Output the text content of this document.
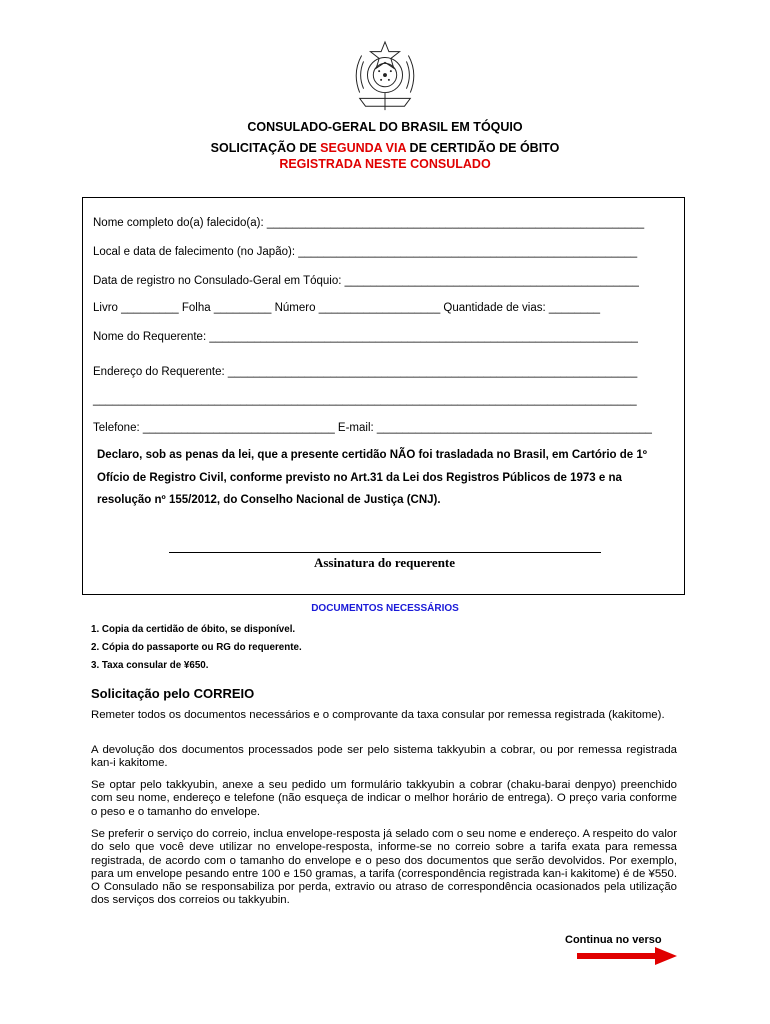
CONSULADO-GERAL DO BRASIL EM TÓQUIO
SOLICITAÇÃO DE SEGUNDA VIA DE CERTIDÃO DE ÓBITO
REGISTRADA NESTE CONSULADO
Nome completo do(a) falecido(a): ___________________________________________________________
Local e data de falecimento (no Japão): _____________________________________________________
Data de registro no Consulado-Geral em Tóquio: ______________________________________________
Livro _________ Folha _________ Número ___________________ Quantidade de vias: ________
Nome do Requerente: ___________________________________________________________________
Endereço do Requerente: ________________________________________________________________
_____________________________________________________________________________________
Telefone: ______________________________ E-mail: ___________________________________________
Declaro, sob as penas da lei, que a presente certidão NÃO foi trasladada no Brasil, em Cartório de 1º Ofício de Registro Civil, conforme previsto no Art.31 da Lei dos Registros Públicos de 1973 e na resolução nº 155/2012, do Conselho Nacional de Justiça (CNJ).
Assinatura do requerente
DOCUMENTOS NECESSÁRIOS
1. Copia da certidão de óbito, se disponível.
2. Cópia do passaporte ou RG do requerente.
3. Taxa consular de ¥650.
Solicitação pelo CORREIO

Remeter todos os documentos necessários e o comprovante da taxa consular por remessa registrada (kakitome).

A devolução dos documentos processados pode ser pelo sistema takkyubin a cobrar, ou por remessa registrada kan-i kakitome.

Se optar pelo takkyubin, anexe a seu pedido um formulário takkyubin a cobrar (chaku-barai denpyo) preenchido com seu nome, endereço e telefone (não esqueça de indicar o melhor horário de entrega). O preço varia conforme o peso e o tamanho do envelope.

Se preferir o serviço do correio, inclua envelope-resposta já selado com o seu nome e endereço. A respeito do valor do selo que você deve utilizar no envelope-resposta, informe-se no correio sobre a tarifa exata para remessa registrada, de acordo com o tamanho do envelope e o peso dos documentos que serão devolvidos. Por exemplo, para um envelope pesando entre 100 e 150 gramas, a tarifa (correspondência registrada kan-i kakitome) é de ¥550. O Consulado não se responsabiliza por perda, extravio ou atraso de correspondência ocasionados pela utilização dos serviços dos correios ou takkyubin.

Continua no verso
